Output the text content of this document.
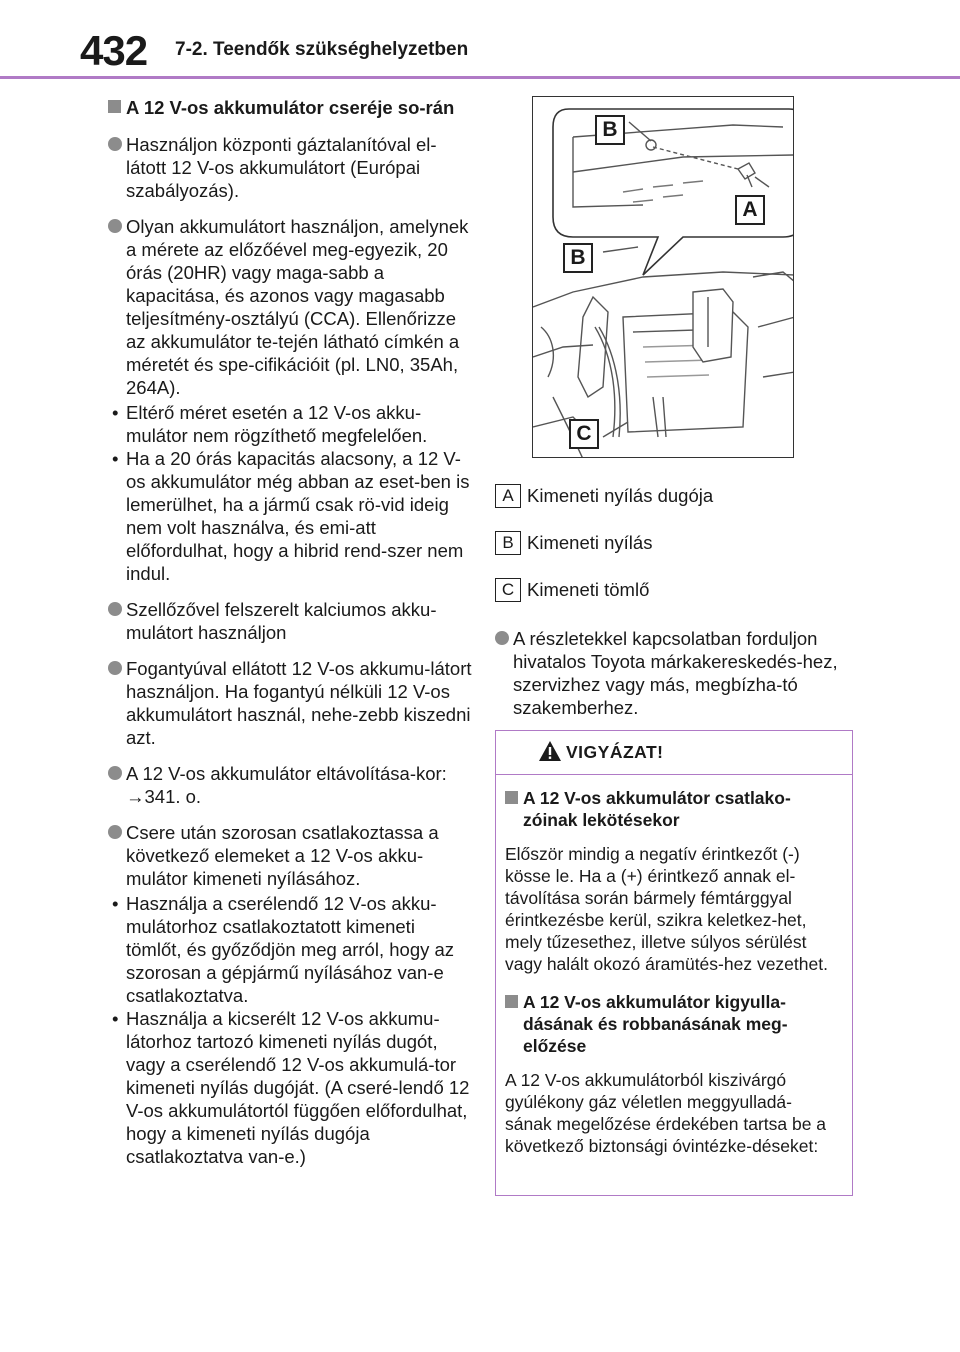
432 7-2. Teendők szükséghelyzetben
A 12 V-os akkumulátor cseréje so-rán
Használjon központi gáztalanítóval el-látott 12 V-os akkumulátort (Európai szabályozás).
Olyan akkumulátort használjon, amelynek a mérete az előzőével meg-egyezik, 20 órás (20HR) vagy maga-sabb a kapacitása, és azonos vagy magasabb teljesítmény-osztályú (CCA). Ellenőrizze az akkumulátor te-tején látható címkén a méretét és spe-cifikációit (pl. LN0, 35Ah, 264A).
• Eltérő méret esetén a 12 V-os akku-mulátor nem rögzíthető megfelelően.
• Ha a 20 órás kapacitás alacsony, a 12 V-os akkumulátor még abban az eset-ben is lemerülhet, ha a jármű csak rö-vid ideig nem volt használva, és emi-att előfordulhat, hogy a hibrid rend-szer nem indul.
Szellőzővel felszerelt kalciumos akku-mulátort használjon
Fogantyúval ellátott 12 V-os akkumu-látort használjon. Ha fogantyú nélküli 12 V-os akkumulátort használ, nehe-zebb kiszedni azt.
A 12 V-os akkumulátor eltávolítása-kor: →341. o.
Csere után szorosan csatlakoztassa a következő elemeket a 12 V-os akku-mulátor kimeneti nyílásához.
• Használja a cserélendő 12 V-os akku-mulátorhoz csatlakoztatott kimeneti tömlőt, és győződjön meg arról, hogy az szorosan a gépjármű nyílásához van-e csatlakoztatva.
• Használja a kicserélt 12 V-os akkumu-látorhoz tartozó kimeneti nyílás dugót, vagy a cserélendő 12 V-os akkumulá-tor kimeneti nyílás dugóját. (A cseré-lendő 12 V-os akkumulátortól függően előfordulhat, hogy a kimeneti nyílás dugója csatlakoztatva van-e.)
B
A
B
C
A Kimeneti nyílás dugója
B Kimeneti nyílás
C Kimeneti tömlő
A részletekkel kapcsolatban forduljon hivatalos Toyota márkakereskedés-hez, szervizhez vagy más, megbízha-tó szakemberhez.
VIGYÁZAT!
A 12 V-os akkumulátor csatlako-zóinak lekötésekor

Először mindig a negatív érintkezőt (-) kösse le. Ha a (+) érintkező annak el-távolítása során bármely fémtárggyal érintkezésbe kerül, szikra keletkez-het, mely tűzesethez, illetve súlyos sérülést vagy halált okozó áramütés-hez vezethet.

A 12 V-os akkumulátor kigyulla-dásának és robbanásának meg-előzése

A 12 V-os akkumulátorból kiszivárgó gyúlékony gáz véletlen meggyulladá-sának megelőzése érdekében tartsa be a következő biztonsági óvintézke-déseket:
